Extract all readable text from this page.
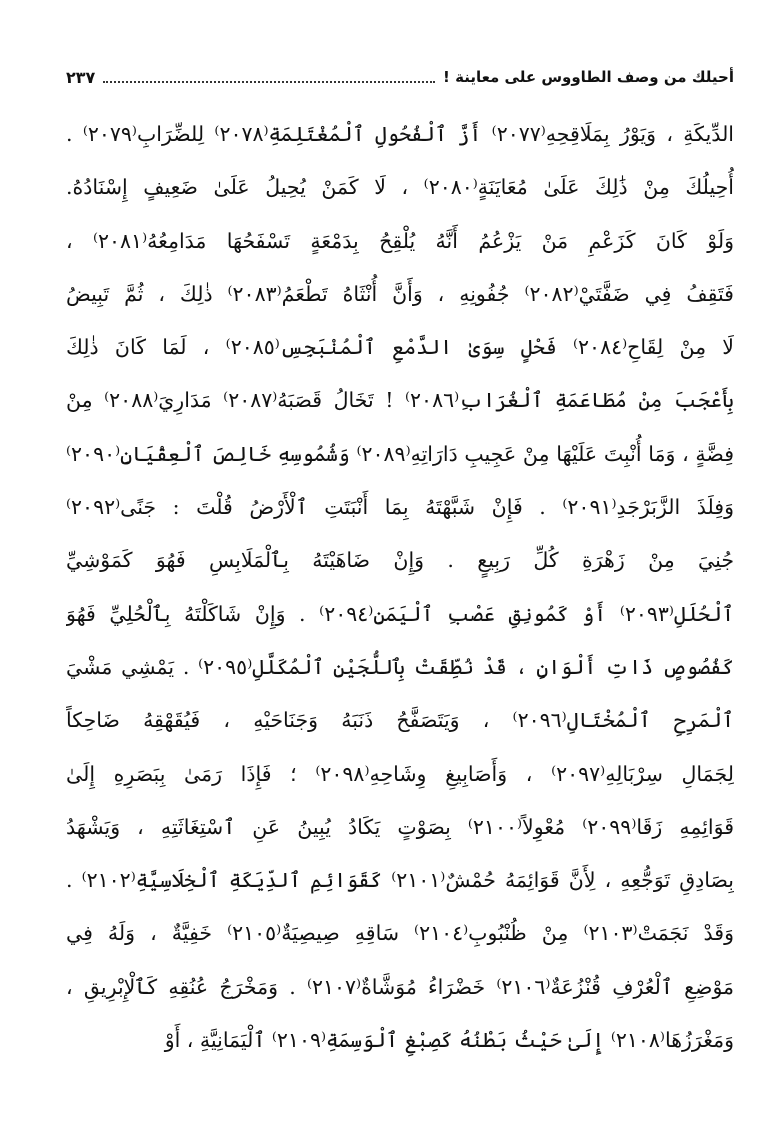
أحيلك من وصف الطاووس على معاينة !
٢٣٧
الدِّيكَةِ ، وَيَوْرُ بِمَلَاقِحِهِ⁽٢٠٧٧⁾ أَزَّ ٱلْفُحُولِ ٱلْمُغْتَلِمَةِ⁽٢٠٧٨⁾ لِلضِّرَابِ⁽٢٠٧٩⁾ .
أُحِيلُكَ مِنْ ذَٰلِكَ عَلَىٰ مُعَايَنَةٍ⁽٢٠٨٠⁾ ، لَا كَمَنْ يُحِيلُ عَلَىٰ ضَعِيفٍ إِسْنَادُهُ.
وَلَوْ كَانَ كَزَعْمِ مَنْ يَزْعُمُ أَنَّهُ يُلْقِحُ بِدَمْعَةٍ تَسْفَحُهَا مَدَامِعُهُ⁽٢٠٨١⁾ ،
فَتَقِفُ فِي ضَفَّتَيْ⁽٢٠٨٢⁾ جُفُونِهِ ، وَأَنَّ أُنْثَاهُ تَطْعَمُ⁽٢٠٨٣⁾ ذٰلِكَ ، ثُمَّ تَبِيضُ
لَا مِنْ لِقَاحِ⁽٢٠٨٤⁾ فَحْلٍ سِوَىٰ الدَّمْعِ ٱلْمُنْبَجِسِ⁽٢٠٨٥⁾ ، لَمَا كَانَ ذٰلِكَ
بِأَعْجَبَ مِنْ مُطَاعَمَةِ ٱلْغُرَابِ⁽٢٠٨٦⁾ ! تَخَالُ قَصَبَهُ⁽٢٠٨٧⁾ مَدَارِيَ⁽٢٠٨٨⁾ مِنْ
فِضَّةٍ ، وَمَا أُنْبِتَ عَلَيْهَا مِنْ عَجِيبِ دَارَاتِهِ⁽٢٠٨٩⁾ وَشُمُوسِهِ خَالِصَ ٱلْعِقْيَانِ⁽٢٠٩٠⁾
وَفِلَذَ الزَّبَرْجَدِ⁽٢٠٩١⁾ . فَإِنْ شَبَّهْتَهُ بِمَا أَنْبَتَتِ ٱلْأَرْضُ قُلْتَ : جَنًى⁽٢٠٩٢⁾
جُنِيَ مِنْ زَهْرَةِ كُلِّ رَبِيعٍ . وَإِنْ ضَاهَيْتَهُ بِٱلْمَلَابِسِ فَهُوَ كَمَوْشِيِّ
ٱلْحُلَلِ⁽٢٠٩٣⁾ أَوْ كَمُونِقِ عَصْبِ ٱلْيَمَنِ⁽٢٠٩٤⁾ . وَإِنْ شَاكَلْتَهُ بِٱلْحُلِيِّ فَهُوَ
كَفُصُوصٍ ذَاتِ أَلْوَانٍ ، قَدْ نُطِّقَتْ بِٱللُّجَيْنِ ٱلْمُكَلَّلِ⁽٢٠٩٥⁾ . يَمْشِي مَشْيَ
ٱلْمَرِحِ ٱلْمُخْتَالِ⁽٢٠٩٦⁾ ، وَيَتَصَفَّحُ ذَنَبَهُ وَجَنَاحَيْهِ ، فَيُقَهْقِهُ ضَاحِكاً
لِجَمَالِ سِرْبَالِهِ⁽٢٠٩٧⁾ ، وَأَصَابِيغِ وِشَاحِهِ⁽٢٠٩٨⁾ ؛ فَإِذَا رَمَىٰ بِبَصَرِهِ إِلَىٰ
قَوَائِمِهِ زَقَا⁽٢٠٩٩⁾ مُعْوِلاً⁽٢١٠٠⁾ بِصَوْتٍ يَكَادُ يُبِينُ عَنِ ٱسْتِغَاثَتِهِ ، وَيَشْهَدُ
بِصَادِقِ تَوَجُّعِهِ ، لِأَنَّ قَوَائِمَهُ حُمْشٌ⁽٢١٠١⁾ كَقَوَائِمِ ٱلدِّيَكَةِ ٱلْخِلَاسِيَّةِ⁽٢١٠٢⁾ .
وَقَدْ نَجَمَتْ⁽٢١٠٣⁾ مِنْ ظُنْبُوبِ⁽٢١٠٤⁾ سَاقِهِ صِيصِيَةٌ⁽٢١٠٥⁾ خَفِيَّةٌ ، وَلَهُ فِي
مَوْضِعِ ٱلْعُرْفِ قُنْزُعَةٌ⁽٢١٠٦⁾ خَضْرَاءُ مُوَشَّاةٌ⁽٢١٠٧⁾ . وَمَخْرَجُ عُنُقِهِ كَٱلْإِبْرِيقِ ،
وَمَغْرَزُهَا⁽٢١٠٨⁾ إِلَىٰ حَيْثُ بَطْنُهُ كَصِبْغِ ٱلْوَسِمَةِ⁽٢١٠٩⁾ ٱلْيَمَانِيَّةِ ، أَوْ
